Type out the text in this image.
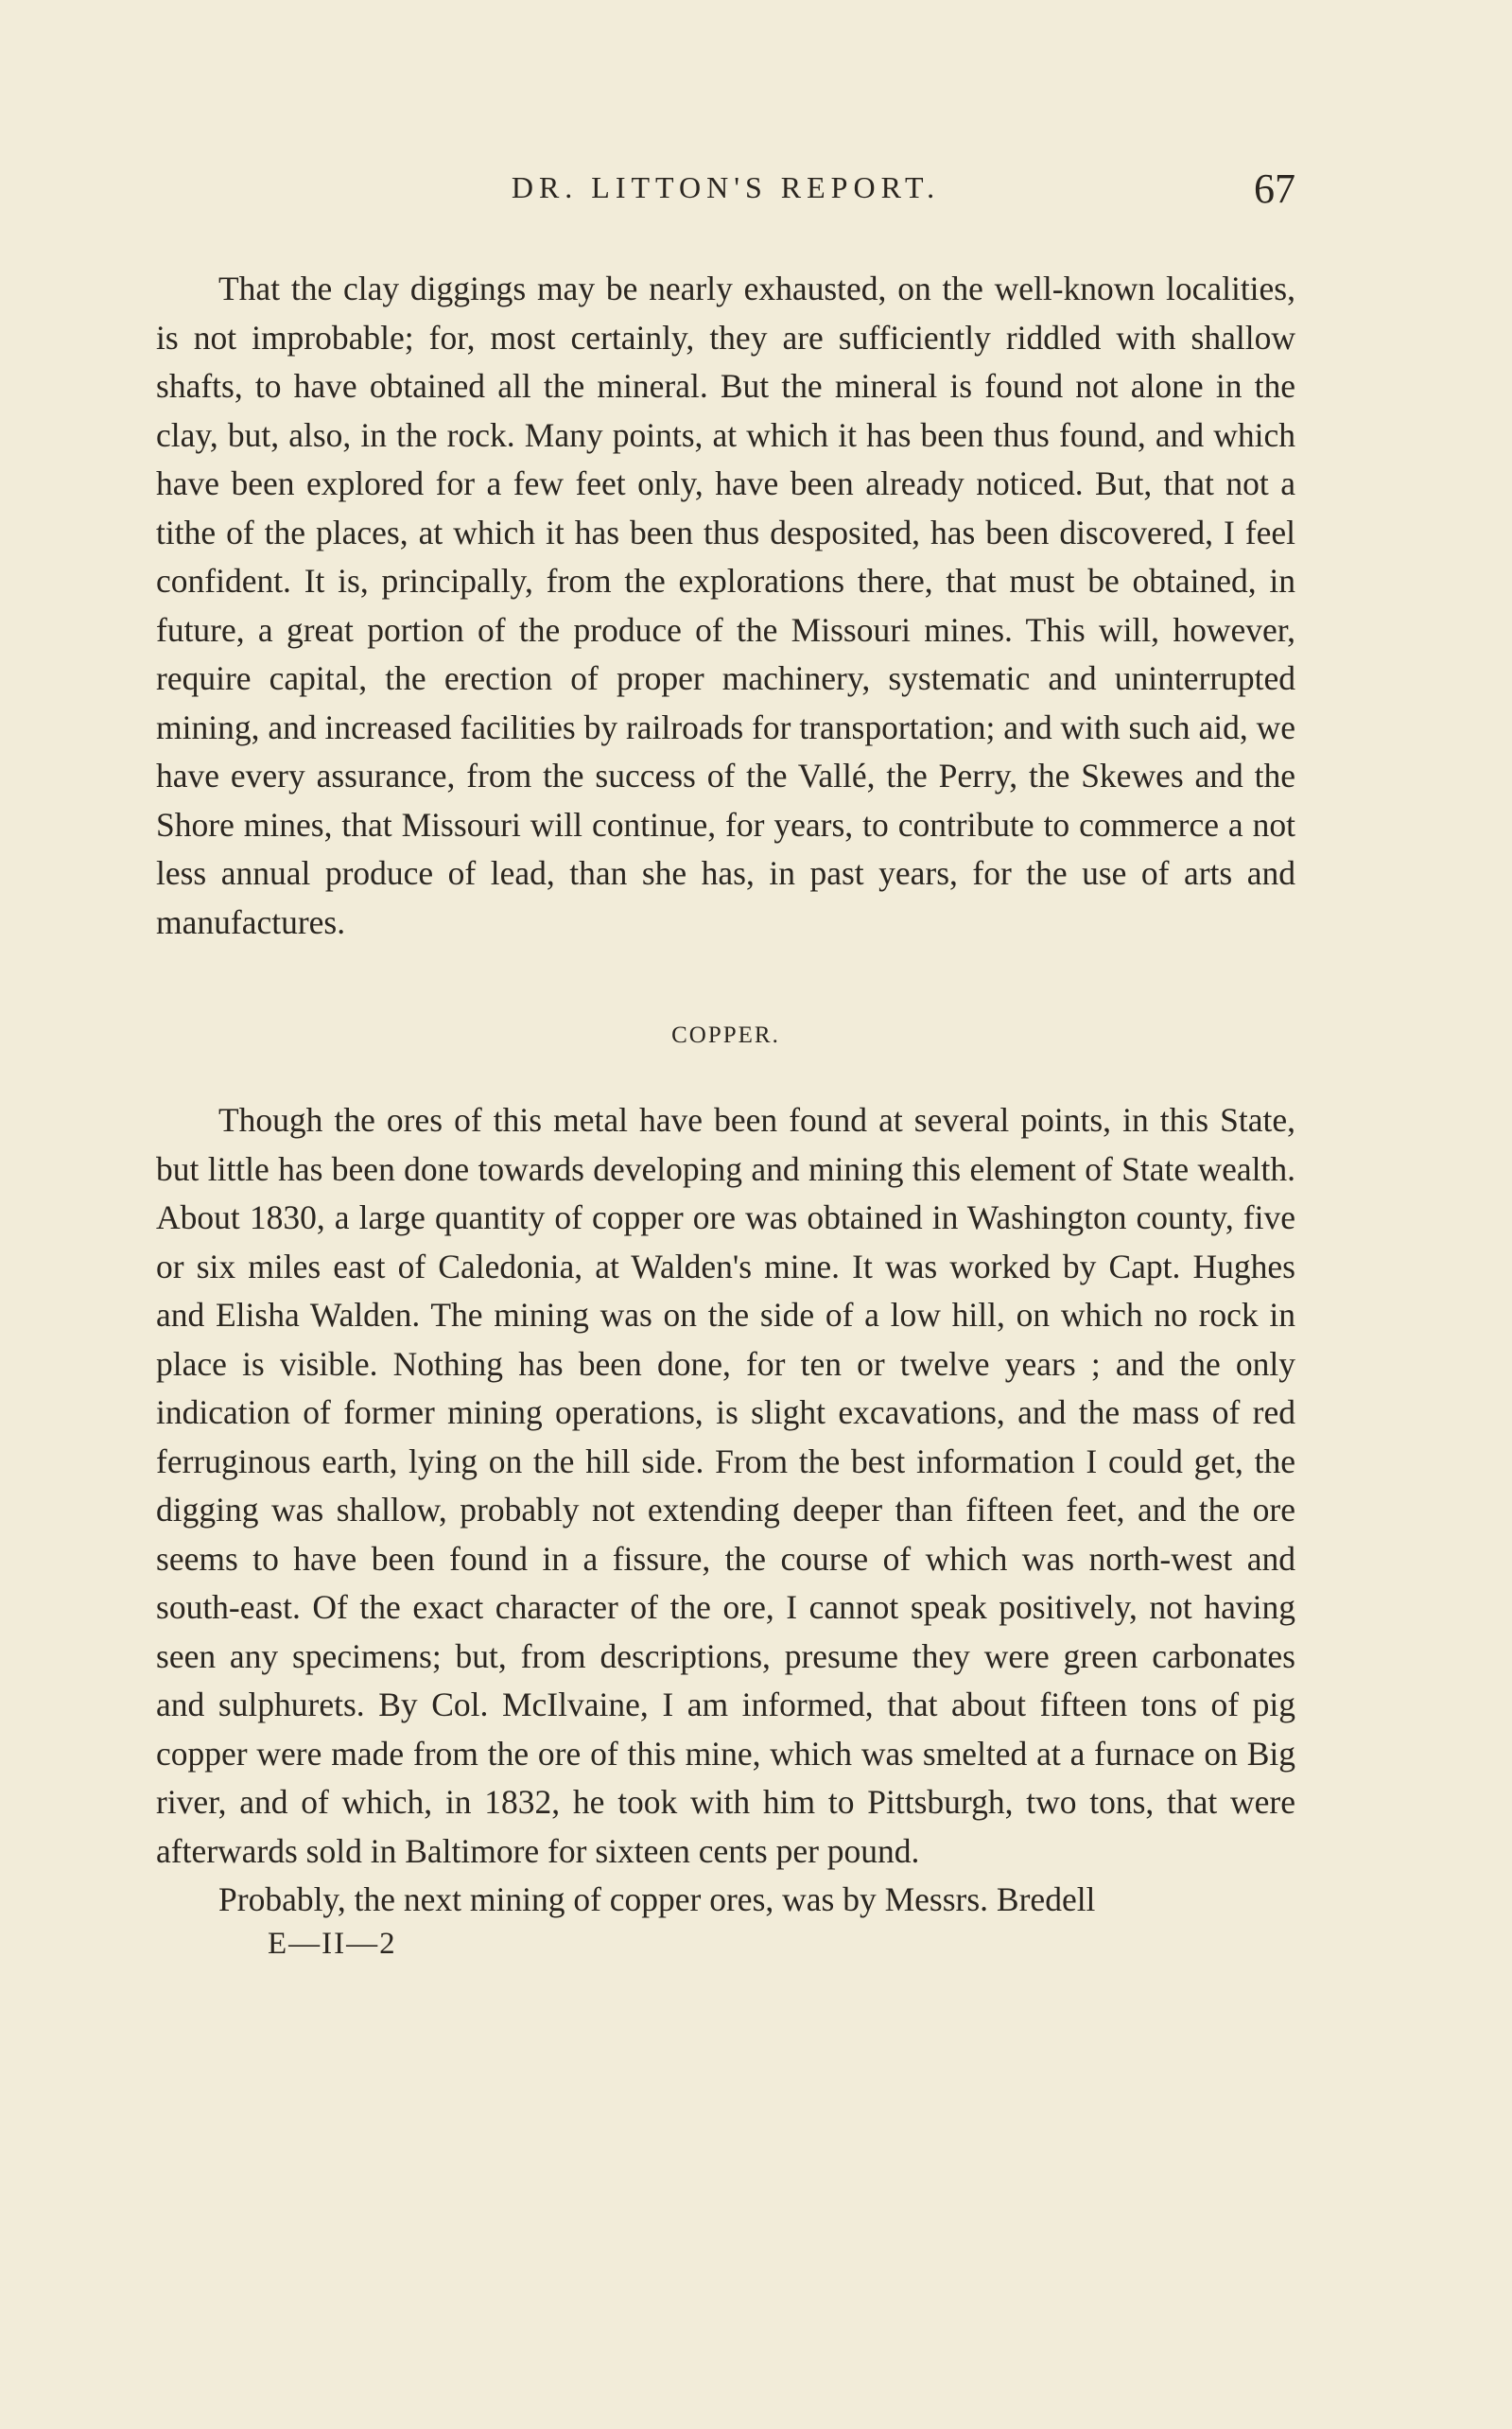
DR. LITTON'S REPORT.	67

That the clay diggings may be nearly exhausted, on the well-known localities, is not improbable; for, most certainly, they are sufficiently riddled with shallow shafts, to have obtained all the mineral. But the mineral is found not alone in the clay, but, also, in the rock. Many points, at which it has been thus found, and which have been explored for a few feet only, have been already noticed. But, that not a tithe of the places, at which it has been thus desposited, has been discovered, I feel confident. It is, principally, from the explorations there, that must be obtained, in future, a great portion of the produce of the Missouri mines. This will, however, require capital, the erection of proper machinery, systematic and uninterrupted mining, and increased facilities by railroads for transportation; and with such aid, we have every assurance, from the success of the Vallé, the Perry, the Skewes and the Shore mines, that Missouri will continue, for years, to contribute to commerce a not less annual produce of lead, than she has, in past years, for the use of arts and manufactures.

COPPER.

Though the ores of this metal have been found at several points, in this State, but little has been done towards developing and mining this element of State wealth. About 1830, a large quantity of copper ore was obtained in Washington county, five or six miles east of Caledonia, at Walden's mine. It was worked by Capt. Hughes and Elisha Walden. The mining was on the side of a low hill, on which no rock in place is visible. Nothing has been done, for ten or twelve years ; and the only indication of former mining operations, is slight excavations, and the mass of red ferruginous earth, lying on the hill side. From the best information I could get, the digging was shallow, probably not extending deeper than fifteen feet, and the ore seems to have been found in a fissure, the course of which was north-west and south-east. Of the exact character of the ore, I cannot speak positively, not having seen any specimens; but, from descriptions, presume they were green carbonates and sulphurets. By Col. McIlvaine, I am informed, that about fifteen tons of pig copper were made from the ore of this mine, which was smelted at a furnace on Big river, and of which, in 1832, he took with him to Pittsburgh, two tons, that were afterwards sold in Baltimore for sixteen cents per pound.

Probably, the next mining of copper ores, was by Messrs. Bredell

E—II—2
